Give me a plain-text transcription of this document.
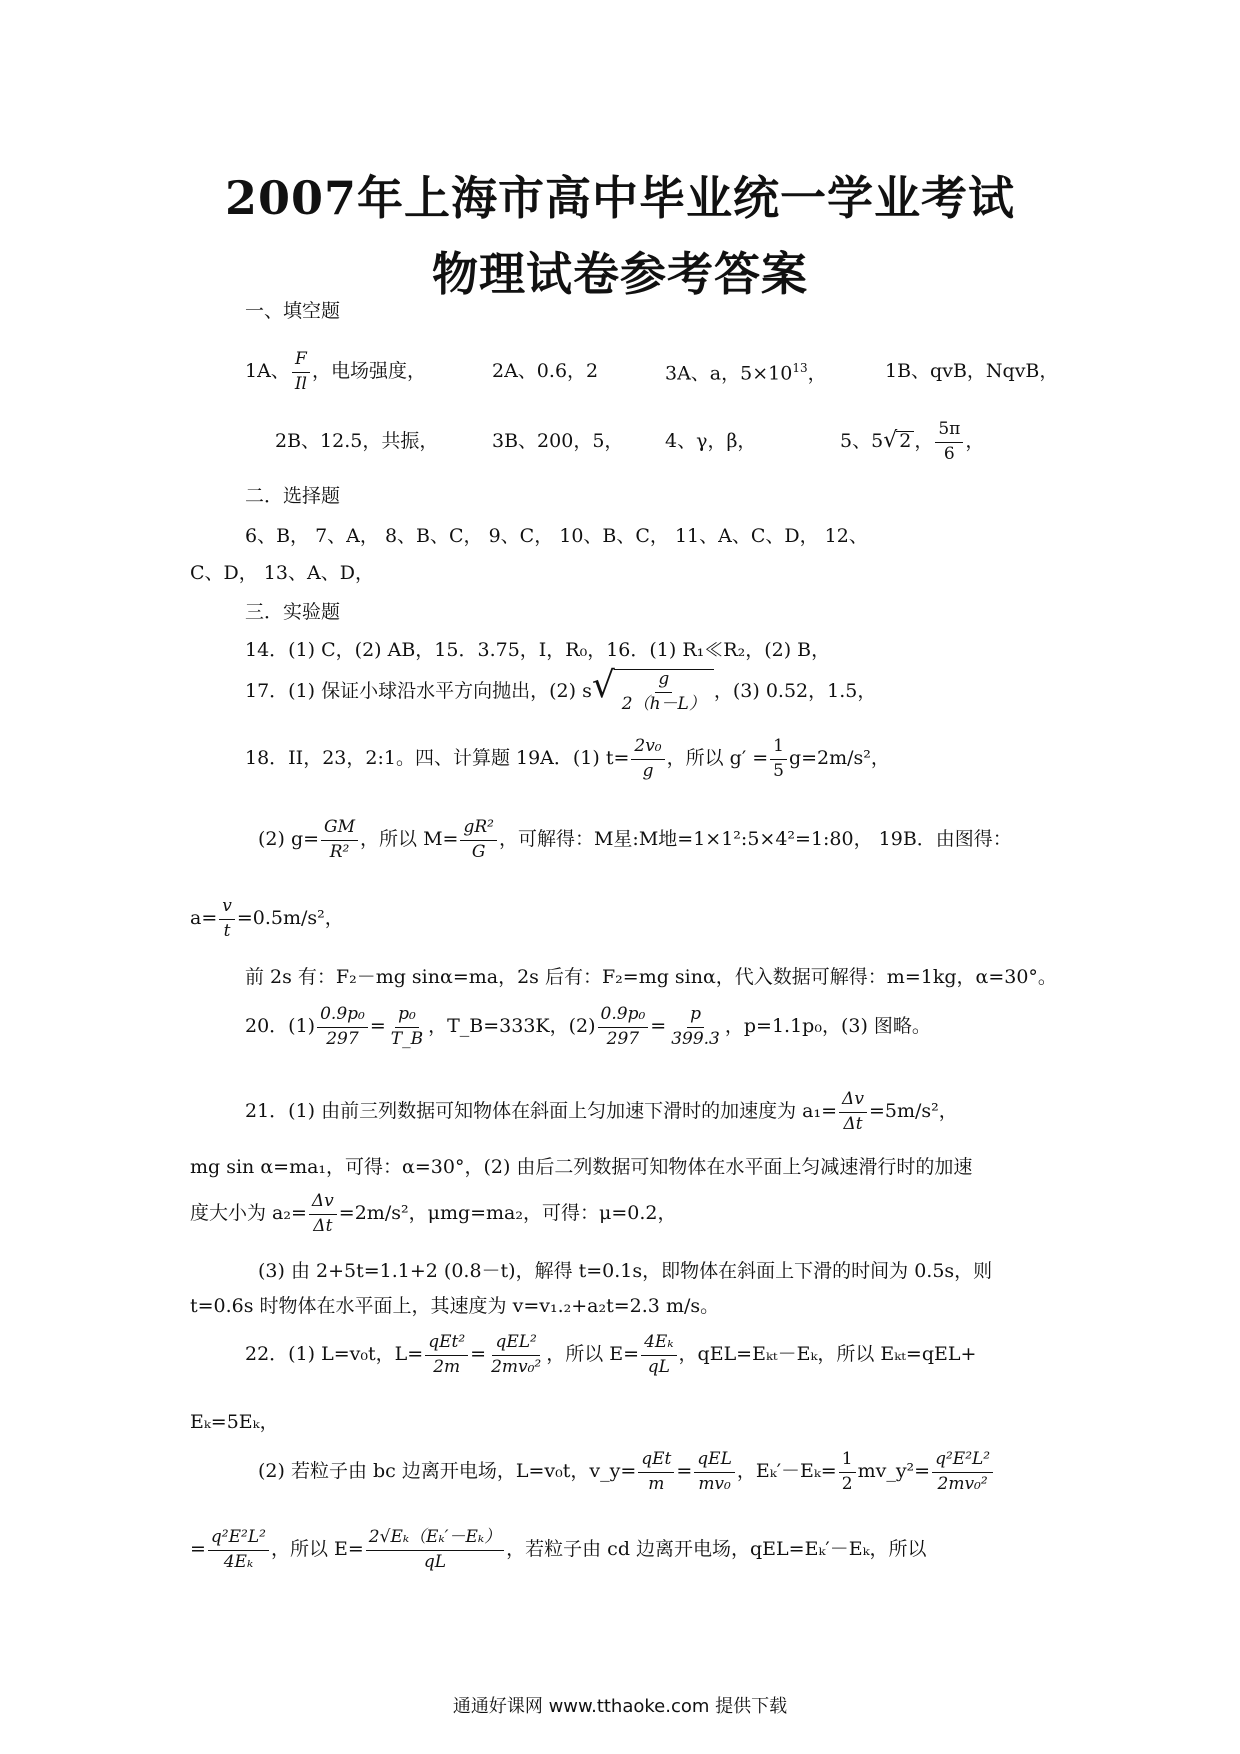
2007年上海市高中毕业统一学业考试
物理试卷参考答案
一、填空题
1A、 $\frac{F}{Il}$ ，电场强度，	2A、0.6，2	3A、a，$5\times 10^{13}$，	1B、qvB，NqvB，
2B、12.5，共振，	3B、200，5， 4、γ，β，	5、5√ 2 ， $\frac{5\pi}{6}$ ，
二．选择题
6、B， 7、A， 8、B、C， 9、C， 10、B、C， 11、A、C、D， 12、
C、D， 13、A、D，
三．实验题
14．(1) C，(2) AB，15．3.75，I，R₀，16．(1) R₁≪R₂，(2) B，
17．(1) 保证小球沿水平方向抛出，(2) $s√ \frac{g}{2(h-L)}$ ，(3) 0.52，1.5，
18．II，23，2:1。四、计算题 19A．(1) $t= \frac{\text{2v₀}}{g}$ ，所以 $g' = \frac{1}{5} g=2m/s^2$，
(2) $g= \frac{GM}{\text{R²}}$ ，所以 $M= \frac{\text{gR²}}{G}$ ，可解得：M星:M地=1×1²:5×4²=1:80， 19B．由图得：
$a= \frac{v}{t} =0.5m/s^2$，
前 2s 有：F₂－mg sinα=ma，2s 后有：F₂=mg sinα，代入数据可解得：m=1kg，α=30°。
20．$(1) \frac{\text{0.9p₀}}{297} = \frac{\text{p₀}}{T\_B}$ ，T_B=333K，$(2) \frac{\text{0.9p₀}}{297} = \frac{p}{399.3}$ ，p=1.1p₀，(3) 图略。
21．(1) 由前三列数据可知物体在斜面上匀加速下滑时的加速度为 $a_1= \frac{\Delta v}{\Delta t} =5m/s^2$，
mg sin α=ma₁，可得：α=30°，(2) 由后二列数据可知物体在水平面上匀减速滑行时的加速
度大小为 $a_2= \frac{\Delta v}{\Delta t} =2m/s^2$，μmg=ma₂，可得：μ=0.2，
(3) 由 2+5t=1.1+2 (0.8－t)，解得 t=0.1s，即物体在斜面上下滑的时间为 0.5s，则
t=0.6s 时物体在水平面上，其速度为 v=v₁.₂+a₂t=2.3 m/s。
22．(1) L=v₀t，$L= \frac{\text{qEt²}}{2m} = \frac{\text{qEL²}}{\text{2mv₀²}}$ ，所以 $E= \frac{\text{4Eₖ}}{qL}$ ，qEL=Eₖₜ－Eₖ，所以 Eₖₜ=qEL+
Eₖ=5Eₖ，
(2) 若粒子由 bc 边离开电场，L=v₀t，v_y= $\frac{\text{qEt}}{m} = \frac{\text{qEL}}{\text{mv₀}}$ ，$E_k'-E_k= \frac{1}{2}$ mv_y²= $\frac{\text{q²E²L²}}{\text{2mv₀²}}$
= $\frac{\text{q²E²L²}}{\text{4Eₖ}}$ ，所以 $E= \frac{\text{2√Eₖ（Eₖ′－Eₖ）}}{qL}$ ，若粒子由 cd 边离开电场，qEL=Eₖ′－Eₖ，所以
通通好课网 www.tthaoke.com 提供下载
